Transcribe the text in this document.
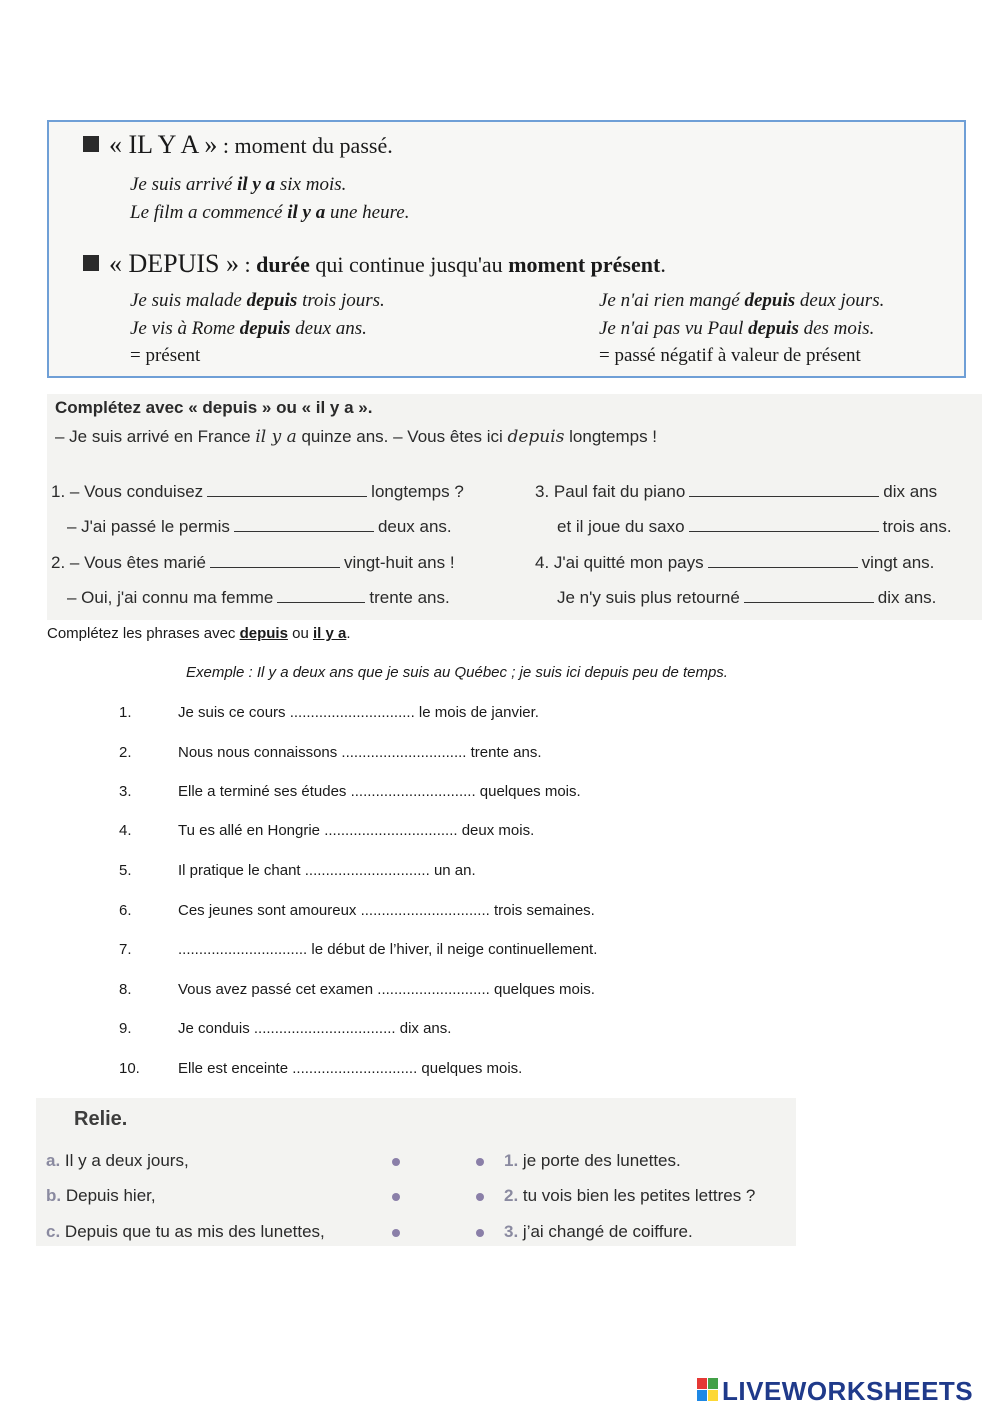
« IL Y A » : moment du passé.
Je suis arrivé il y a six mois.
Le film a commencé il y a une heure.
« DEPUIS » : durée qui continue jusqu'au moment présent.
Je suis malade depuis trois jours.
Je vis à Rome depuis deux ans.
= présent
Je n'ai rien mangé depuis deux jours.
Je n'ai pas vu Paul depuis des mois.
= passé négatif à valeur de présent
Complétez avec « depuis » ou « il y a ».
– Je suis arrivé en France il y a quinze ans. – Vous êtes ici depuis longtemps !
1. – Vous conduisez	longtemps ?
– J'ai passé le permis	deux ans.
2. – Vous êtes marié	vingt-huit ans !
– Oui, j'ai connu ma femme	trente ans.
3. Paul fait du piano	dix ans
et il joue du saxo	trois ans.
4. J'ai quitté mon pays	vingt ans.
Je n'y suis plus retourné	dix ans.
Complétez les phrases avec depuis ou il y a.
Exemple : Il y a deux ans que je suis au Québec ; je suis ici depuis peu de temps.
1.	Je suis ce cours .............................. le mois de janvier.
2.	Nous nous connaissons .............................. trente ans.
3.	Elle a terminé ses études .............................. quelques mois.
4.	Tu es allé en Hongrie ................................ deux mois.
5.	Il pratique le chant .............................. un an.
6.	Ces jeunes sont amoureux ............................... trois semaines.
7.	............................... le début de l’hiver, il neige continuellement.
8.	Vous avez passé cet examen ........................... quelques mois.
9.	Je conduis .................................. dix ans.
10.	Elle est enceinte .............................. quelques mois.
Relie.
a. Il y a deux jours,
b. Depuis hier,
c. Depuis que tu as mis des lunettes,
1. je porte des lunettes.
2. tu vois bien les petites lettres ?
3. j’ai changé de coiffure.
LIVEWORKSHEETS
